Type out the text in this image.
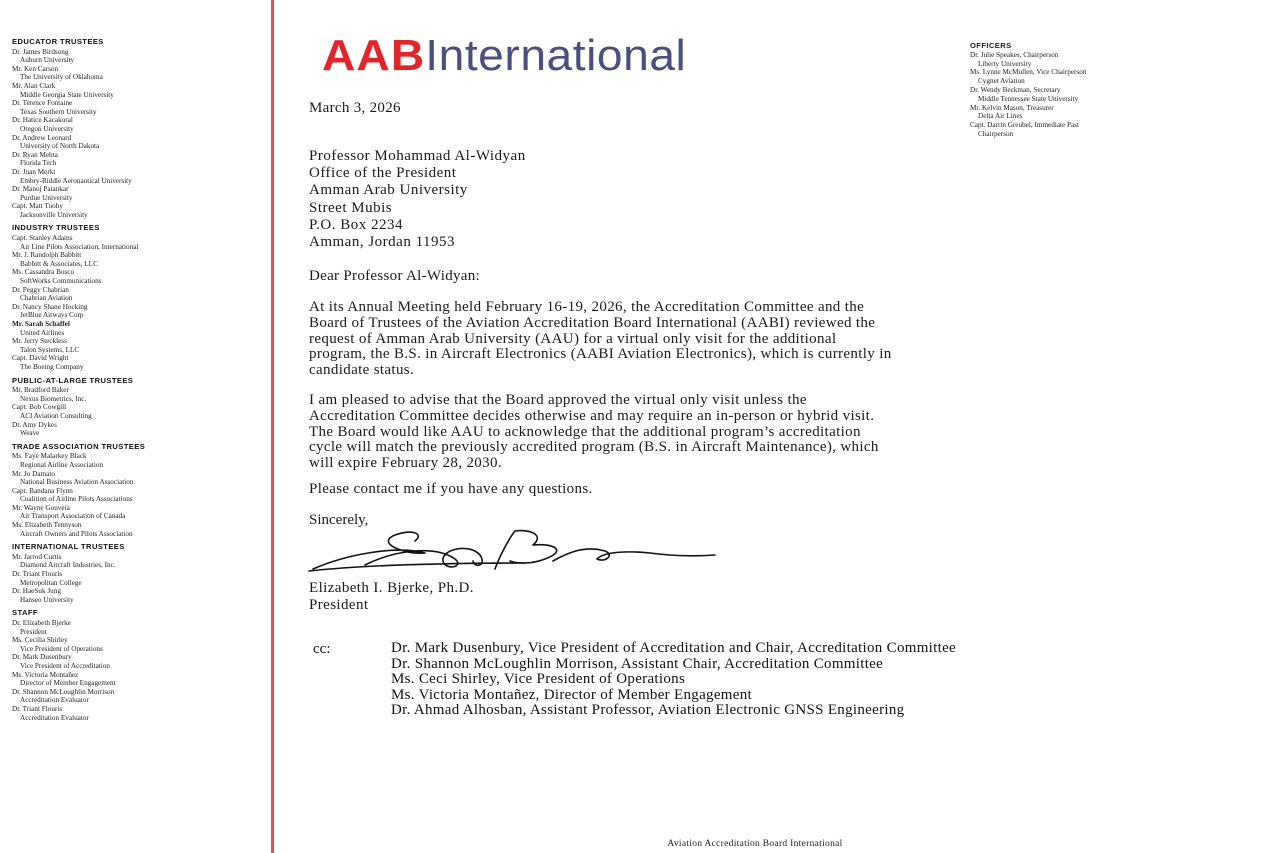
EDUCATOR TRUSTEES
Dr. James Birdsong
Auburn University
Mr. Ken Carson
The University of Oklahoma
Mr. Alan Clark
Middle Georgia State University
Dr. Terence Fontaine
Texas Southern University
Dr. Hatice Kacakoral
Oregon University
Dr. Andrew Leonard
University of North Dakota
Dr. Ryan Mehta
Florida Tech
Dr. Juan Merkt
Embry-Riddle Aeronautical University
Dr. Manoj Patankar
Purdue University
Capt. Matt Tuohy
Jacksonville University
INDUSTRY TRUSTEES
Capt. Stanley Adams
Air Line Pilots Association, International
Mr. J. Randolph Babbitt
Babbitt & Associates, LLC
Ms. Cassandra Bosco
SoftWorks Communications
Dr. Peggy Chabrian
Chabrian Aviation
Dr. Nancy Shane Hocking
JetBlue Airways Corp
Mr. Sarah Schaffel
United Airlines
Mr. Jerry Steckless
Talon Systems, LLC
Capt. David Wright
The Boeing Company
PUBLIC-AT-LARGE TRUSTEES
Mr. Bradford Baker
Nexus Biometrics, Inc.
Capt. Bob Cowgill
ACI Aviation Consulting
Dr. Amy Dykes
Weave
TRADE ASSOCIATION TRUSTEES
Ms. Faye Malarkey Black
Regional Airline Association
Mr. Jo Damato
National Business Aviation Association
Capt. Bandana Flynn
Coalition of Airline Pilots Associations
Mr. Wayne Gouveia
Air Transport Association of Canada
Ms. Elizabeth Tennyson
Aircraft Owners and Pilots Association
INTERNATIONAL TRUSTEES
Mr. Jarrod Curtis
Diamond Aircraft Industries, Inc.
Dr. Triant Flouris
Metropolitan College
Dr. HaeSuk Jung
Hanseo University
STAFF
Dr. Elizabeth Bjerke
President
Ms. Cecilia Shirley
Vice President of Operations
Dr. Mark Dusenbury
Vice President of Accreditation
Ms. Victoria Montañez
Director of Member Engagement
Dr. Shannon McLoughlin Morrison
Accreditation Evaluator
Dr. Triant Flouris
Accreditation Evaluator
AABInternational	OFFICERS
Dr. Julie Speakes, Chairperson
Liberty University
Ms. Lynne McMullen, Vice Chairperson
Cygnet Aviation
Dr. Wendy Beckman, Secretary
Middle Tennessee State University
Mr. Kelvin Mason, Treasurer
Delta Air Lines
Capt. Darrin Greubel, Immediate Past
Chairperson
March 3, 2026
Professor Mohammad Al-Widyan
Office of the President
Amman Arab University
Street Mubis
P.O. Box 2234
Amman, Jordan 11953
Dear Professor Al-Widyan:
At its Annual Meeting held February 16-19, 2026, the Accreditation Committee and the
Board of Trustees of the Aviation Accreditation Board International (AABI) reviewed the
request of Amman Arab University (AAU) for a virtual only visit for the additional
program, the B.S. in Aircraft Electronics (AABI Aviation Electronics), which is currently in
candidate status.
I am pleased to advise that the Board approved the virtual only visit unless the
Accreditation Committee decides otherwise and may require an in-person or hybrid visit.
The Board would like AAU to acknowledge that the additional program’s accreditation
cycle will match the previously accredited program (B.S. in Aircraft Maintenance), which
will expire February 28, 2030.
Please contact me if you have any questions.
Sincerely,
Elizabeth I. Bjerke, Ph.D.
President
cc:	Dr. Mark Dusenbury, Vice President of Accreditation and Chair, Accreditation Committee
Dr. Shannon McLoughlin Morrison, Assistant Chair, Accreditation Committee
Ms. Ceci Shirley, Vice President of Operations
Ms. Victoria Montañez, Director of Member Engagement
Dr. Ahmad Alhosban, Assistant Professor, Aviation Electronic GNSS Engineering
Aviation Accreditation Board International
